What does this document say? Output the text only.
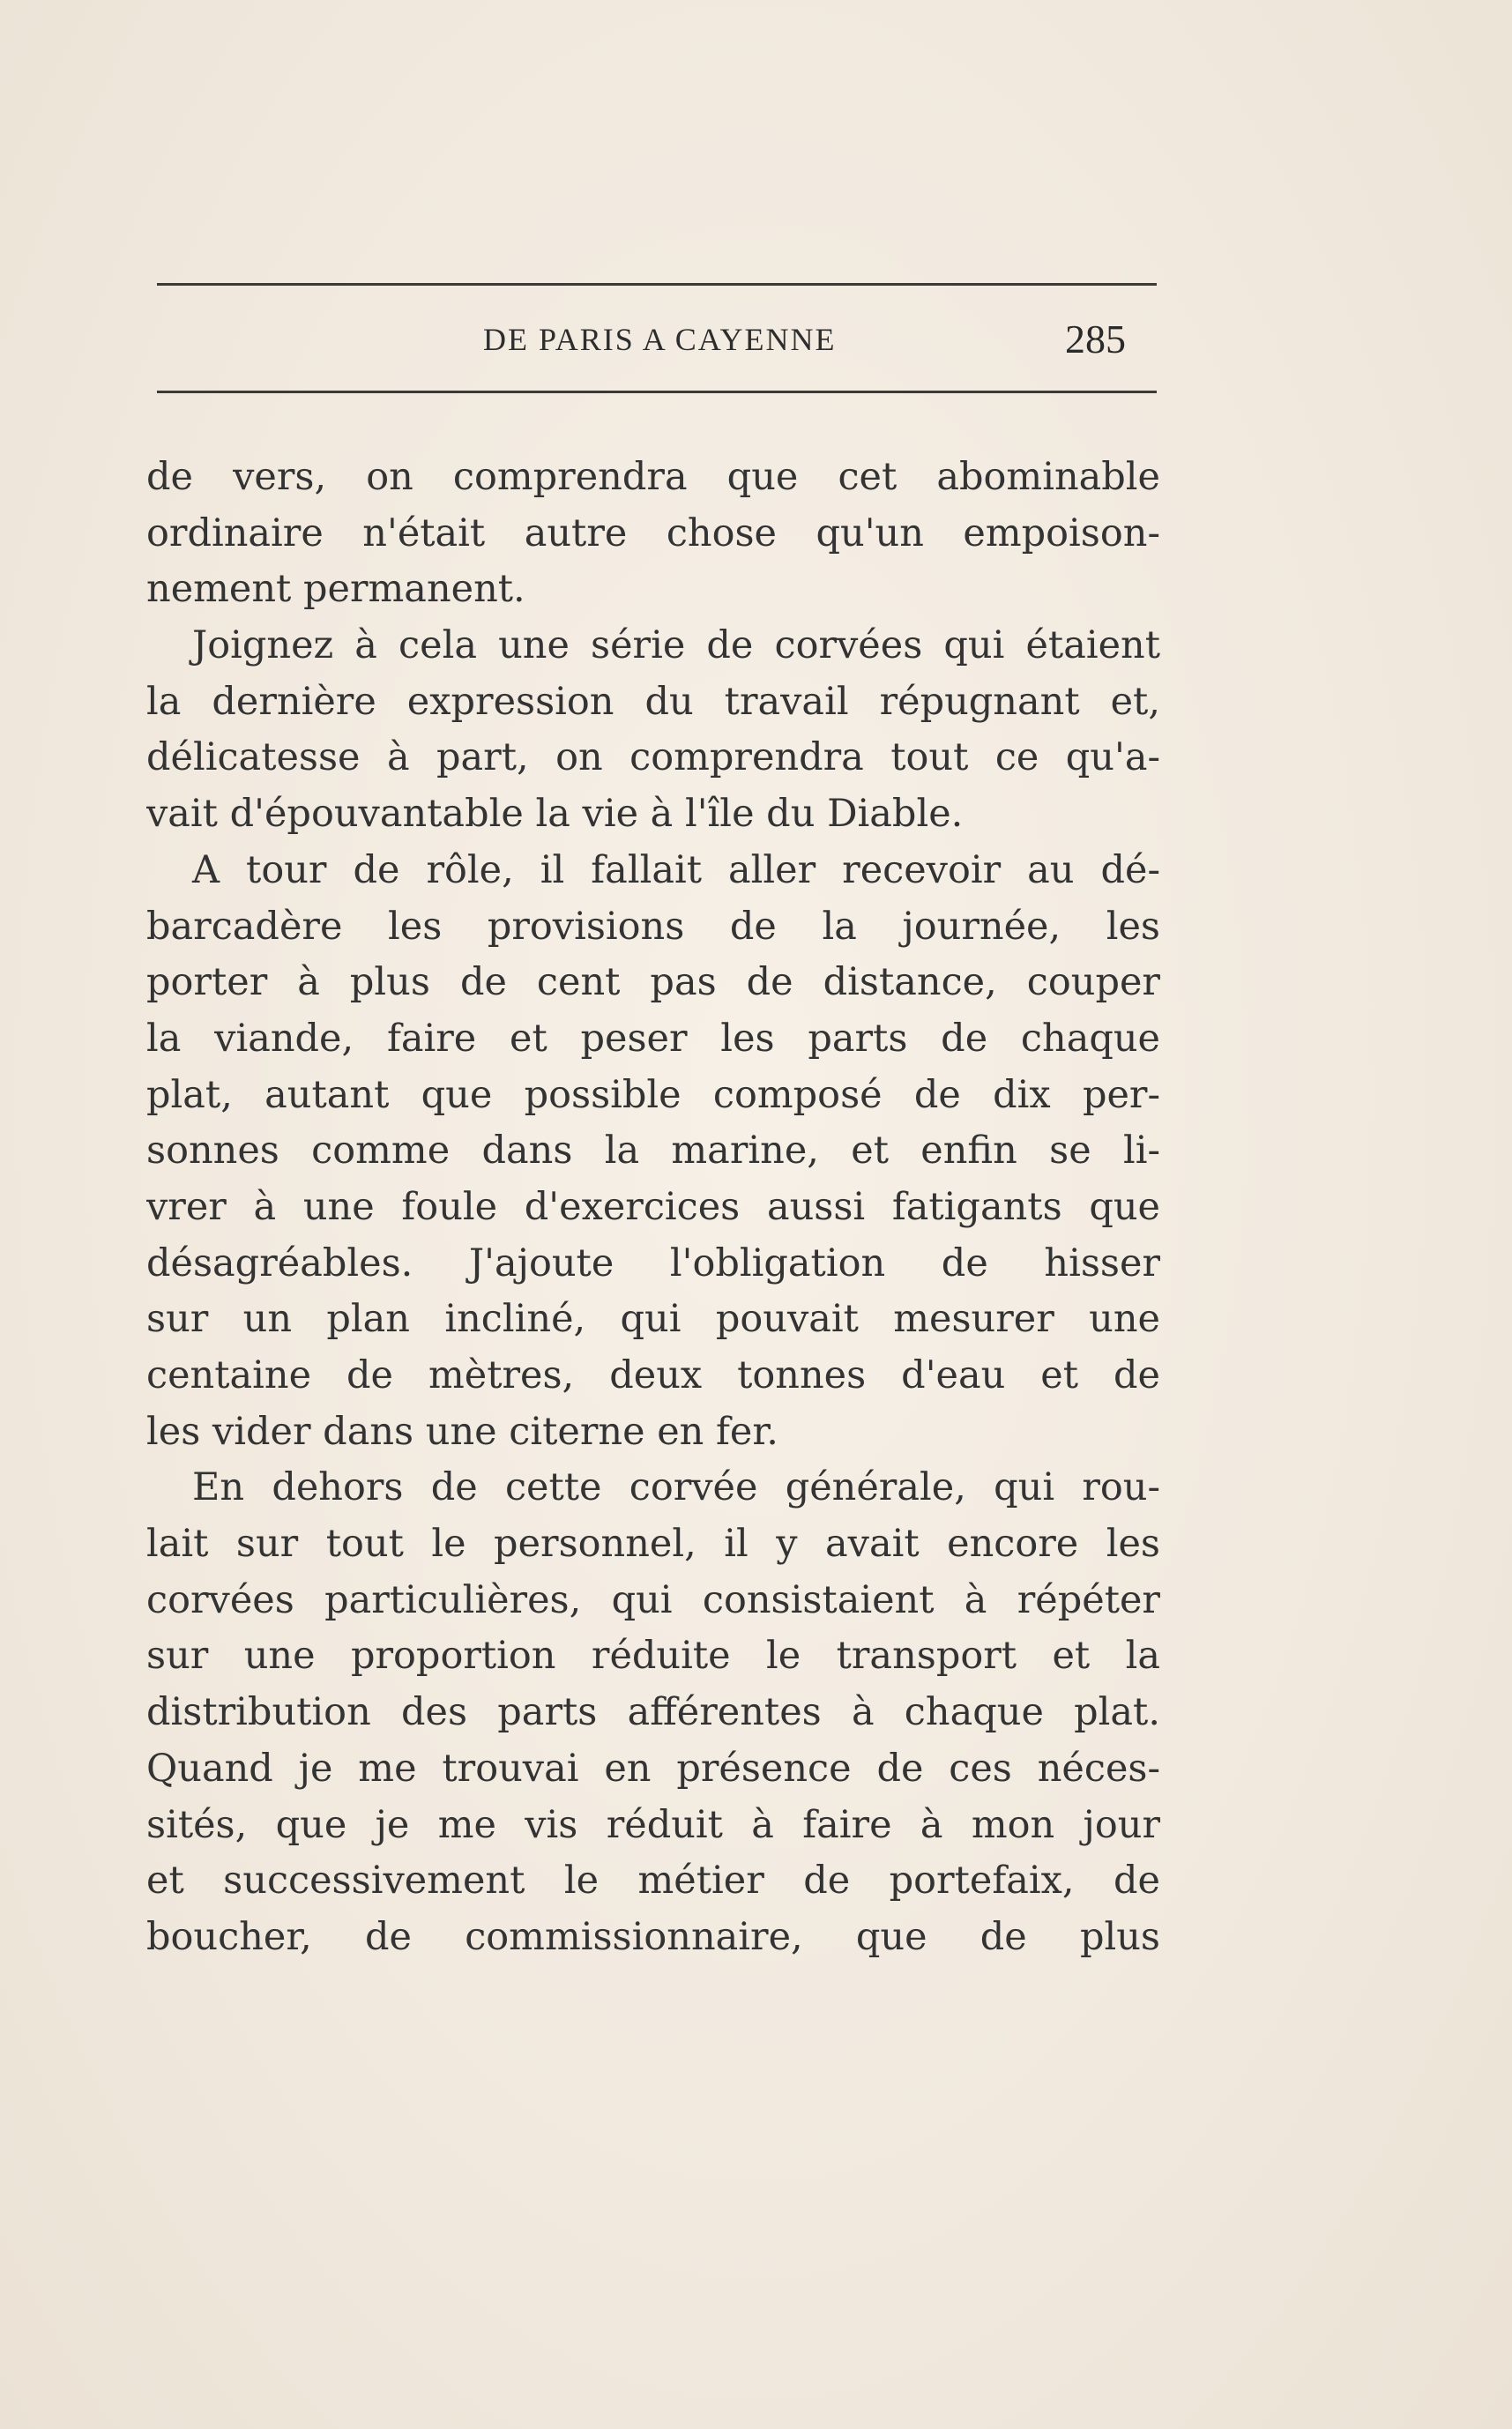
DE PARIS A CAYENNE	285
de vers, on comprendra que cet abominable
ordinaire n'était autre chose qu'un empoison-
nement permanent.
Joignez à cela une série de corvées qui étaient
la dernière expression du travail répugnant et,
délicatesse à part, on comprendra tout ce qu'a-
vait d'épouvantable la vie à l'île du Diable.
A tour de rôle, il fallait aller recevoir au dé-
barcadère les provisions de la journée, les
porter à plus de cent pas de distance, couper
la viande, faire et peser les parts de chaque
plat, autant que possible composé de dix per-
sonnes comme dans la marine, et enfin se li-
vrer à une foule d'exercices aussi fatigants que
désagréables. J'ajoute l'obligation de hisser
sur un plan incliné, qui pouvait mesurer une
centaine de mètres, deux tonnes d'eau et de
les vider dans une citerne en fer.
En dehors de cette corvée générale, qui rou-
lait sur tout le personnel, il y avait encore les
corvées particulières, qui consistaient à répéter
sur une proportion réduite le transport et la
distribution des parts afférentes à chaque plat.
Quand je me trouvai en présence de ces néces-
sités, que je me vis réduit à faire à mon jour
et successivement le métier de portefaix, de
boucher, de commissionnaire, que de plus
